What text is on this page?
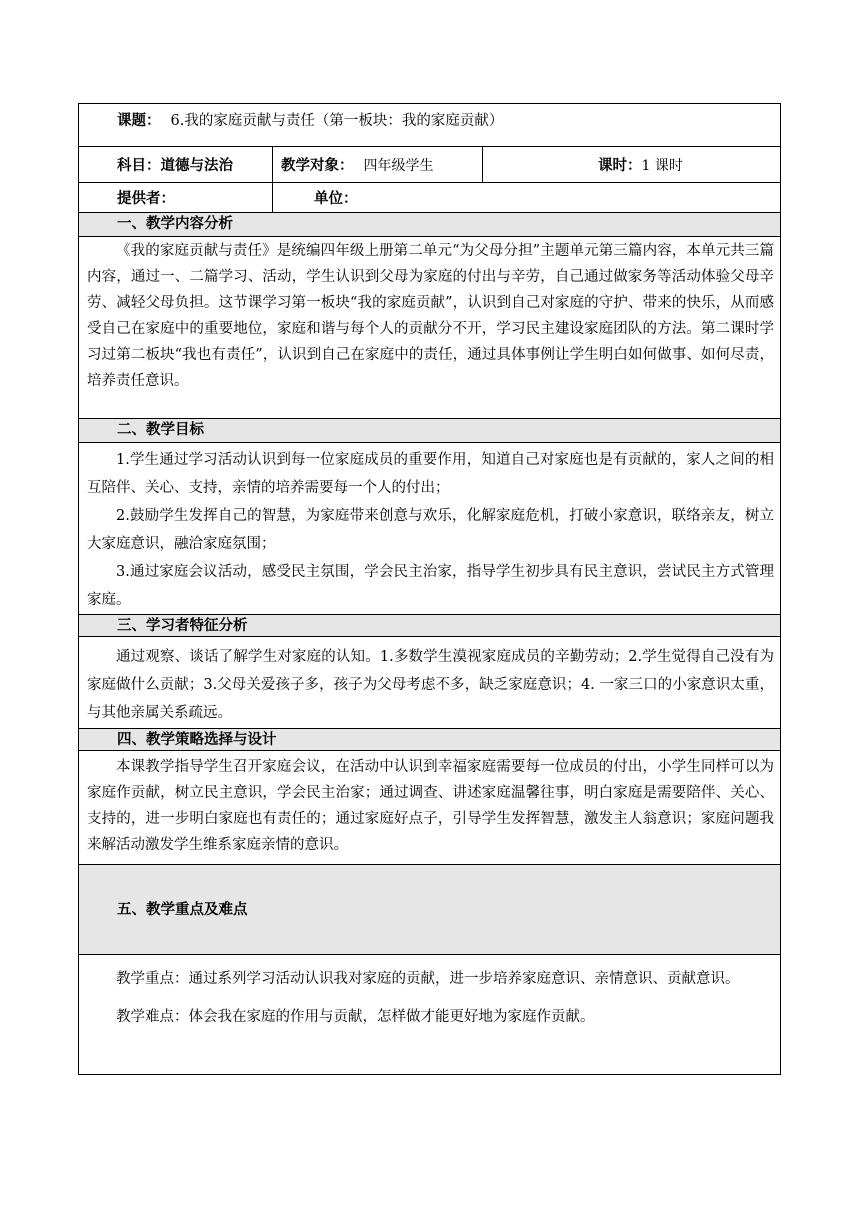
课题： 6.我的家庭贡献与责任（第一板块：我的家庭贡献）
科目： 道德与法治	教学对象： 四年级学生	课时： 1 课时
提供者：	单位：
一、教学内容分析

《我的家庭贡献与责任》是统编四年级上册第二单元“为父母分担”主题单元第三篇内容，本单元共三篇内容，通过一、二篇学习、活动，学生认识到父母为家庭的付出与辛劳，自己通过做家务等活动体验父母辛劳、减轻父母负担。这节课学习第一板块“我的家庭贡献”，认识到自己对家庭的守护、带来的快乐，从而感受自己在家庭中的重要地位，家庭和谐与每个人的贡献分不开，学习民主建设家庭团队的方法。第二课时学习过第二板块“我也有责任”，认识到自己在家庭中的责任，通过具体事例让学生明白如何做事、如何尽责，培养责任意识。

二、教学目标

1.学生通过学习活动认识到每一位家庭成员的重要作用，知道自己对家庭也是有贡献的，家人之间的相互陪伴、关心、支持，亲情的培养需要每一个人的付出；

2.鼓励学生发挥自己的智慧，为家庭带来创意与欢乐，化解家庭危机，打破小家意识，联络亲友，树立大家庭意识，融洽家庭氛围；

3.通过家庭会议活动，感受民主氛围，学会民主治家，指导学生初步具有民主意识，尝试民主方式管理家庭。

三、学习者特征分析

通过观察、谈话了解学生对家庭的认知。1.多数学生漠视家庭成员的辛勤劳动；2.学生觉得自己没有为家庭做什么贡献；3.父母关爱孩子多，孩子为父母考虑不多，缺乏家庭意识；4. 一家三口的小家意识太重，与其他亲属关系疏远。

四、教学策略选择与设计

本课教学指导学生召开家庭会议，在活动中认识到幸福家庭需要每一位成员的付出，小学生同样可以为家庭作贡献，树立民主意识，学会民主治家；通过调查、讲述家庭温馨往事，明白家庭是需要陪伴、关心、支持的，进一步明白家庭也有责任的；通过家庭好点子，引导学生发挥智慧，激发主人翁意识；家庭问题我来解活动激发学生维系家庭亲情的意识。

五、教学重点及难点

教学重点：通过系列学习活动认识我对家庭的贡献，进一步培养家庭意识、亲情意识、贡献意识。

教学难点：体会我在家庭的作用与贡献，怎样做才能更好地为家庭作贡献。
